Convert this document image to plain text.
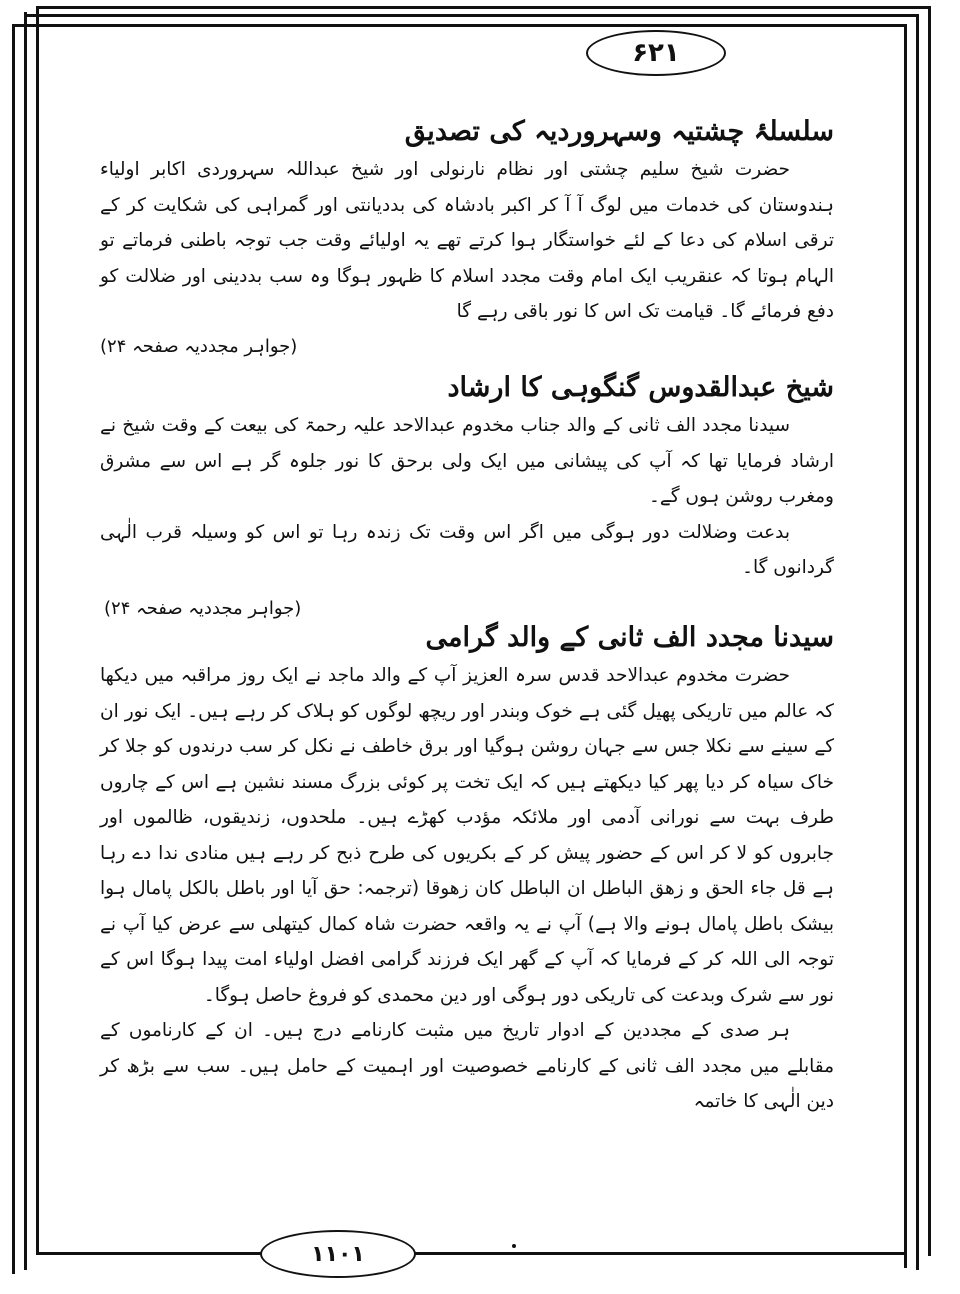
۶۲۱
۱۱۰۱
سلسلۂ چشتیہ وسہروردیہ کی تصدیق

حضرت شیخ سلیم چشتی اور نظام نارنولی اور شیخ عبداللہ سہروردی اکابر اولیاء ہندوستان کی خدمات میں لوگ آ آ کر اکبر بادشاہ کی بددیانتی اور گمراہی کی شکایت کر کے ترقی اسلام کی دعا کے لئے خواستگار ہوا کرتے تھے یہ اولیائے وقت جب توجہ باطنی فرماتے تو الہام ہوتا کہ عنقریب ایک امام وقت مجدد اسلام کا ظہور ہوگا وہ سب بددینی اور ضلالت کو دفع فرمائے گا۔ قیامت تک اس کا نور باقی رہے گا

(جواہر مجددیہ صفحہ ۲۴)

شیخ عبدالقدوس گنگوہی کا ارشاد

سیدنا مجدد الف ثانی کے والد جناب مخدوم عبدالاحد علیہ رحمۃ کی بیعت کے وقت شیخ نے ارشاد فرمایا تھا کہ آپ کی پیشانی میں ایک ولی برحق کا نور جلوہ گر ہے اس سے مشرق ومغرب روشن ہوں گے۔

بدعت وضلالت دور ہوگی میں اگر اس وقت تک زندہ رہا تو اس کو وسیلہ قرب الٰہی گردانوں گا۔

(جواہر مجددیہ صفحہ ۲۴)

سیدنا مجدد الف ثانی کے والد گرامی

حضرت مخدوم عبدالاحد قدس سرہ العزیز آپ کے والد ماجد نے ایک روز مراقبہ میں دیکھا کہ عالم میں تاریکی پھیل گئی ہے خوک وبندر اور ریچھ لوگوں کو ہلاک کر رہے ہیں۔ ایک نور ان کے سینے سے نکلا جس سے جہان روشن ہوگیا اور برق خاطف نے نکل کر سب درندوں کو جلا کر خاک سیاہ کر دیا پھر کیا دیکھتے ہیں کہ ایک تخت پر کوئی بزرگ مسند نشین ہے اس کے چاروں طرف بہت سے نورانی آدمی اور ملائکہ مؤدب کھڑے ہیں۔ ملحدوں، زندیقوں، ظالموں اور جابروں کو لا کر اس کے حضور پیش کر کے بکریوں کی طرح ذبح کر رہے ہیں منادی ندا دے رہا ہے قل جاء الحق و زھق الباطل ان الباطل کان زھوقا (ترجمہ: حق آیا اور باطل بالکل پامال ہوا بیشک باطل پامال ہونے والا ہے) آپ نے یہ واقعہ حضرت شاہ کمال کیتھلی سے عرض کیا آپ نے توجہ الی اللہ کر کے فرمایا کہ آپ کے گھر ایک فرزند گرامی افضل اولیاء امت پیدا ہوگا اس کے نور سے شرک وبدعت کی تاریکی دور ہوگی اور دین محمدی کو فروغ حاصل ہوگا۔

ہر صدی کے مجددین کے ادوار تاریخ میں مثبت کارنامے درج ہیں۔ ان کے کارناموں کے مقابلے میں مجدد الف ثانی کے کارنامے خصوصیت اور اہمیت کے حامل ہیں۔ سب سے بڑھ کر دین الٰہی کا خاتمہ
